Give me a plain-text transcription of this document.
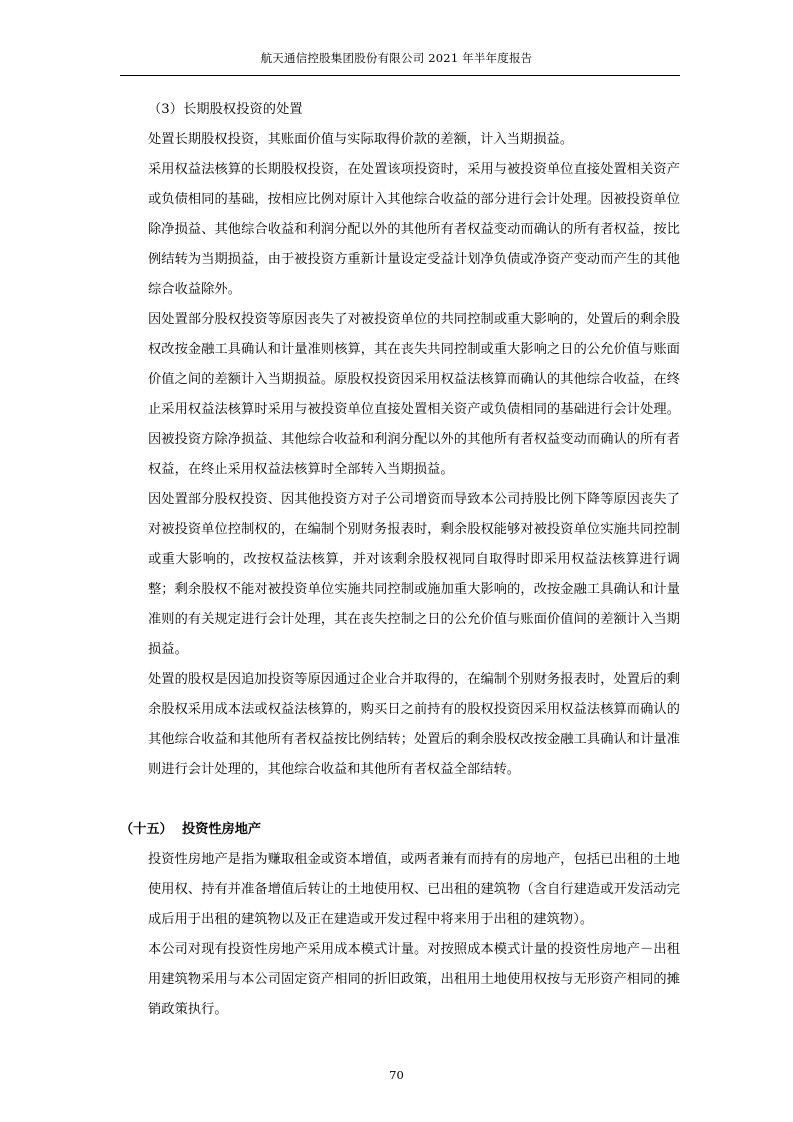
航天通信控股集团股份有限公司 2021 年半年度报告

（3）长期股权投资的处置

处置长期股权投资，其账面价值与实际取得价款的差额，计入当期损益。

采用权益法核算的长期股权投资，在处置该项投资时，采用与被投资单位直接处置相关资产或负债相同的基础，按相应比例对原计入其他综合收益的部分进行会计处理。因被投资单位除净损益、其他综合收益和利润分配以外的其他所有者权益变动而确认的所有者权益，按比例结转为当期损益，由于被投资方重新计量设定受益计划净负债或净资产变动而产生的其他综合收益除外。

因处置部分股权投资等原因丧失了对被投资单位的共同控制或重大影响的，处置后的剩余股权改按金融工具确认和计量准则核算，其在丧失共同控制或重大影响之日的公允价值与账面价值之间的差额计入当期损益。原股权投资因采用权益法核算而确认的其他综合收益，在终止采用权益法核算时采用与被投资单位直接处置相关资产或负债相同的基础进行会计处理。因被投资方除净损益、其他综合收益和利润分配以外的其他所有者权益变动而确认的所有者权益，在终止采用权益法核算时全部转入当期损益。

因处置部分股权投资、因其他投资方对子公司增资而导致本公司持股比例下降等原因丧失了对被投资单位控制权的，在编制个别财务报表时，剩余股权能够对被投资单位实施共同控制或重大影响的，改按权益法核算，并对该剩余股权视同自取得时即采用权益法核算进行调整；剩余股权不能对被投资单位实施共同控制或施加重大影响的，改按金融工具确认和计量准则的有关规定进行会计处理，其在丧失控制之日的公允价值与账面价值间的差额计入当期损益。

处置的股权是因追加投资等原因通过企业合并取得的，在编制个别财务报表时，处置后的剩余股权采用成本法或权益法核算的，购买日之前持有的股权投资因采用权益法核算而确认的其他综合收益和其他所有者权益按比例结转；处置后的剩余股权改按金融工具确认和计量准则进行会计处理的，其他综合收益和其他所有者权益全部结转。

（十五） 投资性房地产

投资性房地产是指为赚取租金或资本增值，或两者兼有而持有的房地产，包括已出租的土地使用权、持有并准备增值后转让的土地使用权、已出租的建筑物（含自行建造或开发活动完成后用于出租的建筑物以及正在建造或开发过程中将来用于出租的建筑物）。

本公司对现有投资性房地产采用成本模式计量。对按照成本模式计量的投资性房地产－出租用建筑物采用与本公司固定资产相同的折旧政策，出租用土地使用权按与无形资产相同的摊销政策执行。

70
